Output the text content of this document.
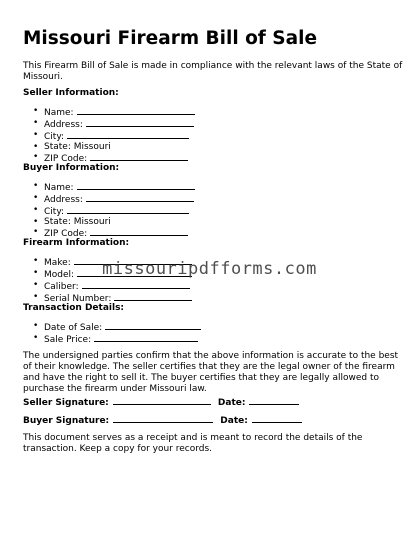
Missouri Firearm Bill of Sale

This Firearm Bill of Sale is made in compliance with the relevant laws of the State of Missouri.

Seller Information:

• Name:
• Address:
• City:
• State: Missouri
• ZIP Code:

Buyer Information:

• Name:
• Address:
• City:
• State: Missouri
• ZIP Code:

Firearm Information:

• Make:
• Model:
• Caliber:
• Serial Number:

Transaction Details:

• Date of Sale:
• Sale Price:

The undersigned parties confirm that the above information is accurate to the best of their knowledge. The seller certifies that they are the legal owner of the firearm and have the right to sell it. The buyer certifies that they are legally allowed to purchase the firearm under Missouri law.

Seller Signature:	Date:

Buyer Signature:	Date:

This document serves as a receipt and is meant to record the details of the transaction. Keep a copy for your records.

missouripdfforms.com
